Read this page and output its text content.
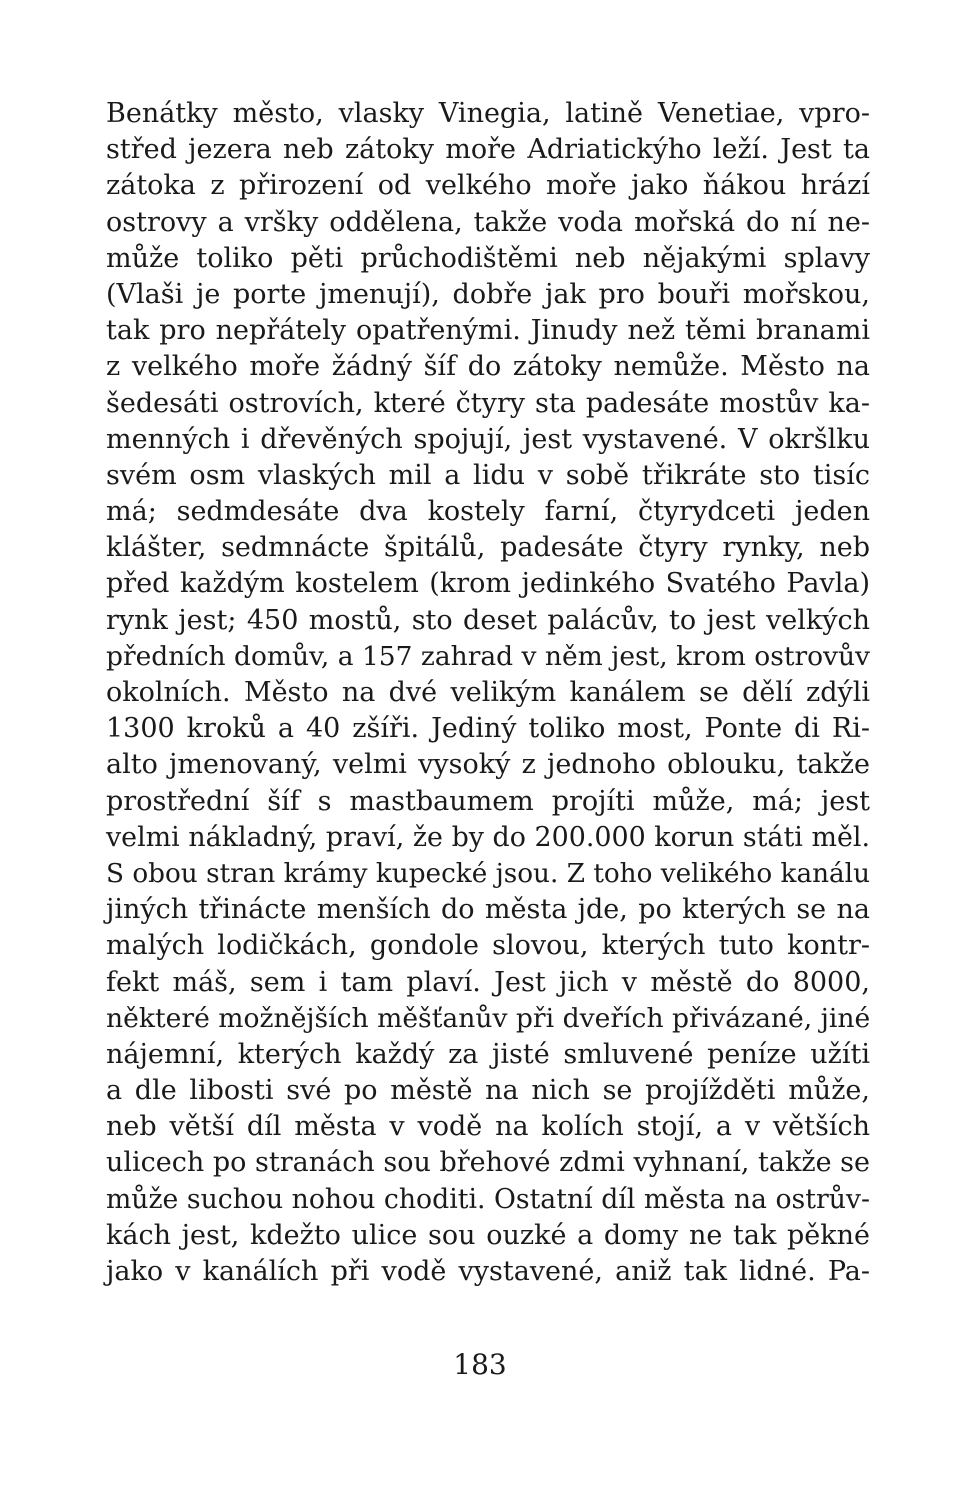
Benátky město, vlasky Vinegia, latině Venetiae, vpro-
střed jezera neb zátoky moře Adriatickýho leží. Jest ta
zátoka z přirození od velkého moře jako ňákou hrází
ostrovy a vršky oddělena, takže voda mořská do ní ne-
může toliko pěti průchodištěmi neb nějakými splavy
(Vlaši je porte jmenují), dobře jak pro bouři mořskou,
tak pro nepřátely opatřenými. Jinudy než těmi branami
z velkého moře žádný šíf do zátoky nemůže. Město na
šedesáti ostrovích, které čtyry sta padesáte mostův ka-
menných i dřevěných spojují, jest vystavené. V okršlku
svém osm vlaských mil a lidu v sobě třikráte sto tisíc
má; sedmdesáte dva kostely farní, čtyrydceti jeden
klášter, sedmnácte špitálů, padesáte čtyry rynky, neb
před každým kostelem (krom jedinkého Svatého Pavla)
rynk jest; 450 mostů, sto deset palácův, to jest velkých
předních domův, a 157 zahrad v něm jest, krom ostrovův
okolních. Město na dvé velikým kanálem se dělí zdýli
1300 kroků a 40 zšíři. Jediný toliko most, Ponte di Ri-
alto jmenovaný, velmi vysoký z jednoho oblouku, takže
prostřední šíf s mastbaumem projíti může, má; jest
velmi nákladný, praví, že by do 200.000 korun státi měl.
S obou stran krámy kupecké jsou. Z toho velikého kanálu
jiných třinácte menších do města jde, po kterých se na
malých lodičkách, gondole slovou, kterých tuto kontr-
fekt máš, sem i tam plaví. Jest jich v městě do 8000,
některé možnějších měšťanův při dveřích přivázané, jiné
nájemní, kterých každý za jisté smluvené peníze užíti
a dle libosti své po městě na nich se projížděti může,
neb větší díl města v vodě na kolích stojí, a v větších
ulicech po stranách sou břehové zdmi vyhnaní, takže se
může suchou nohou choditi. Ostatní díl města na ostrův-
kách jest, kdežto ulice sou ouzké a domy ne tak pěkné
jako v kanálích při vodě vystavené, aniž tak lidné. Pa-
183
